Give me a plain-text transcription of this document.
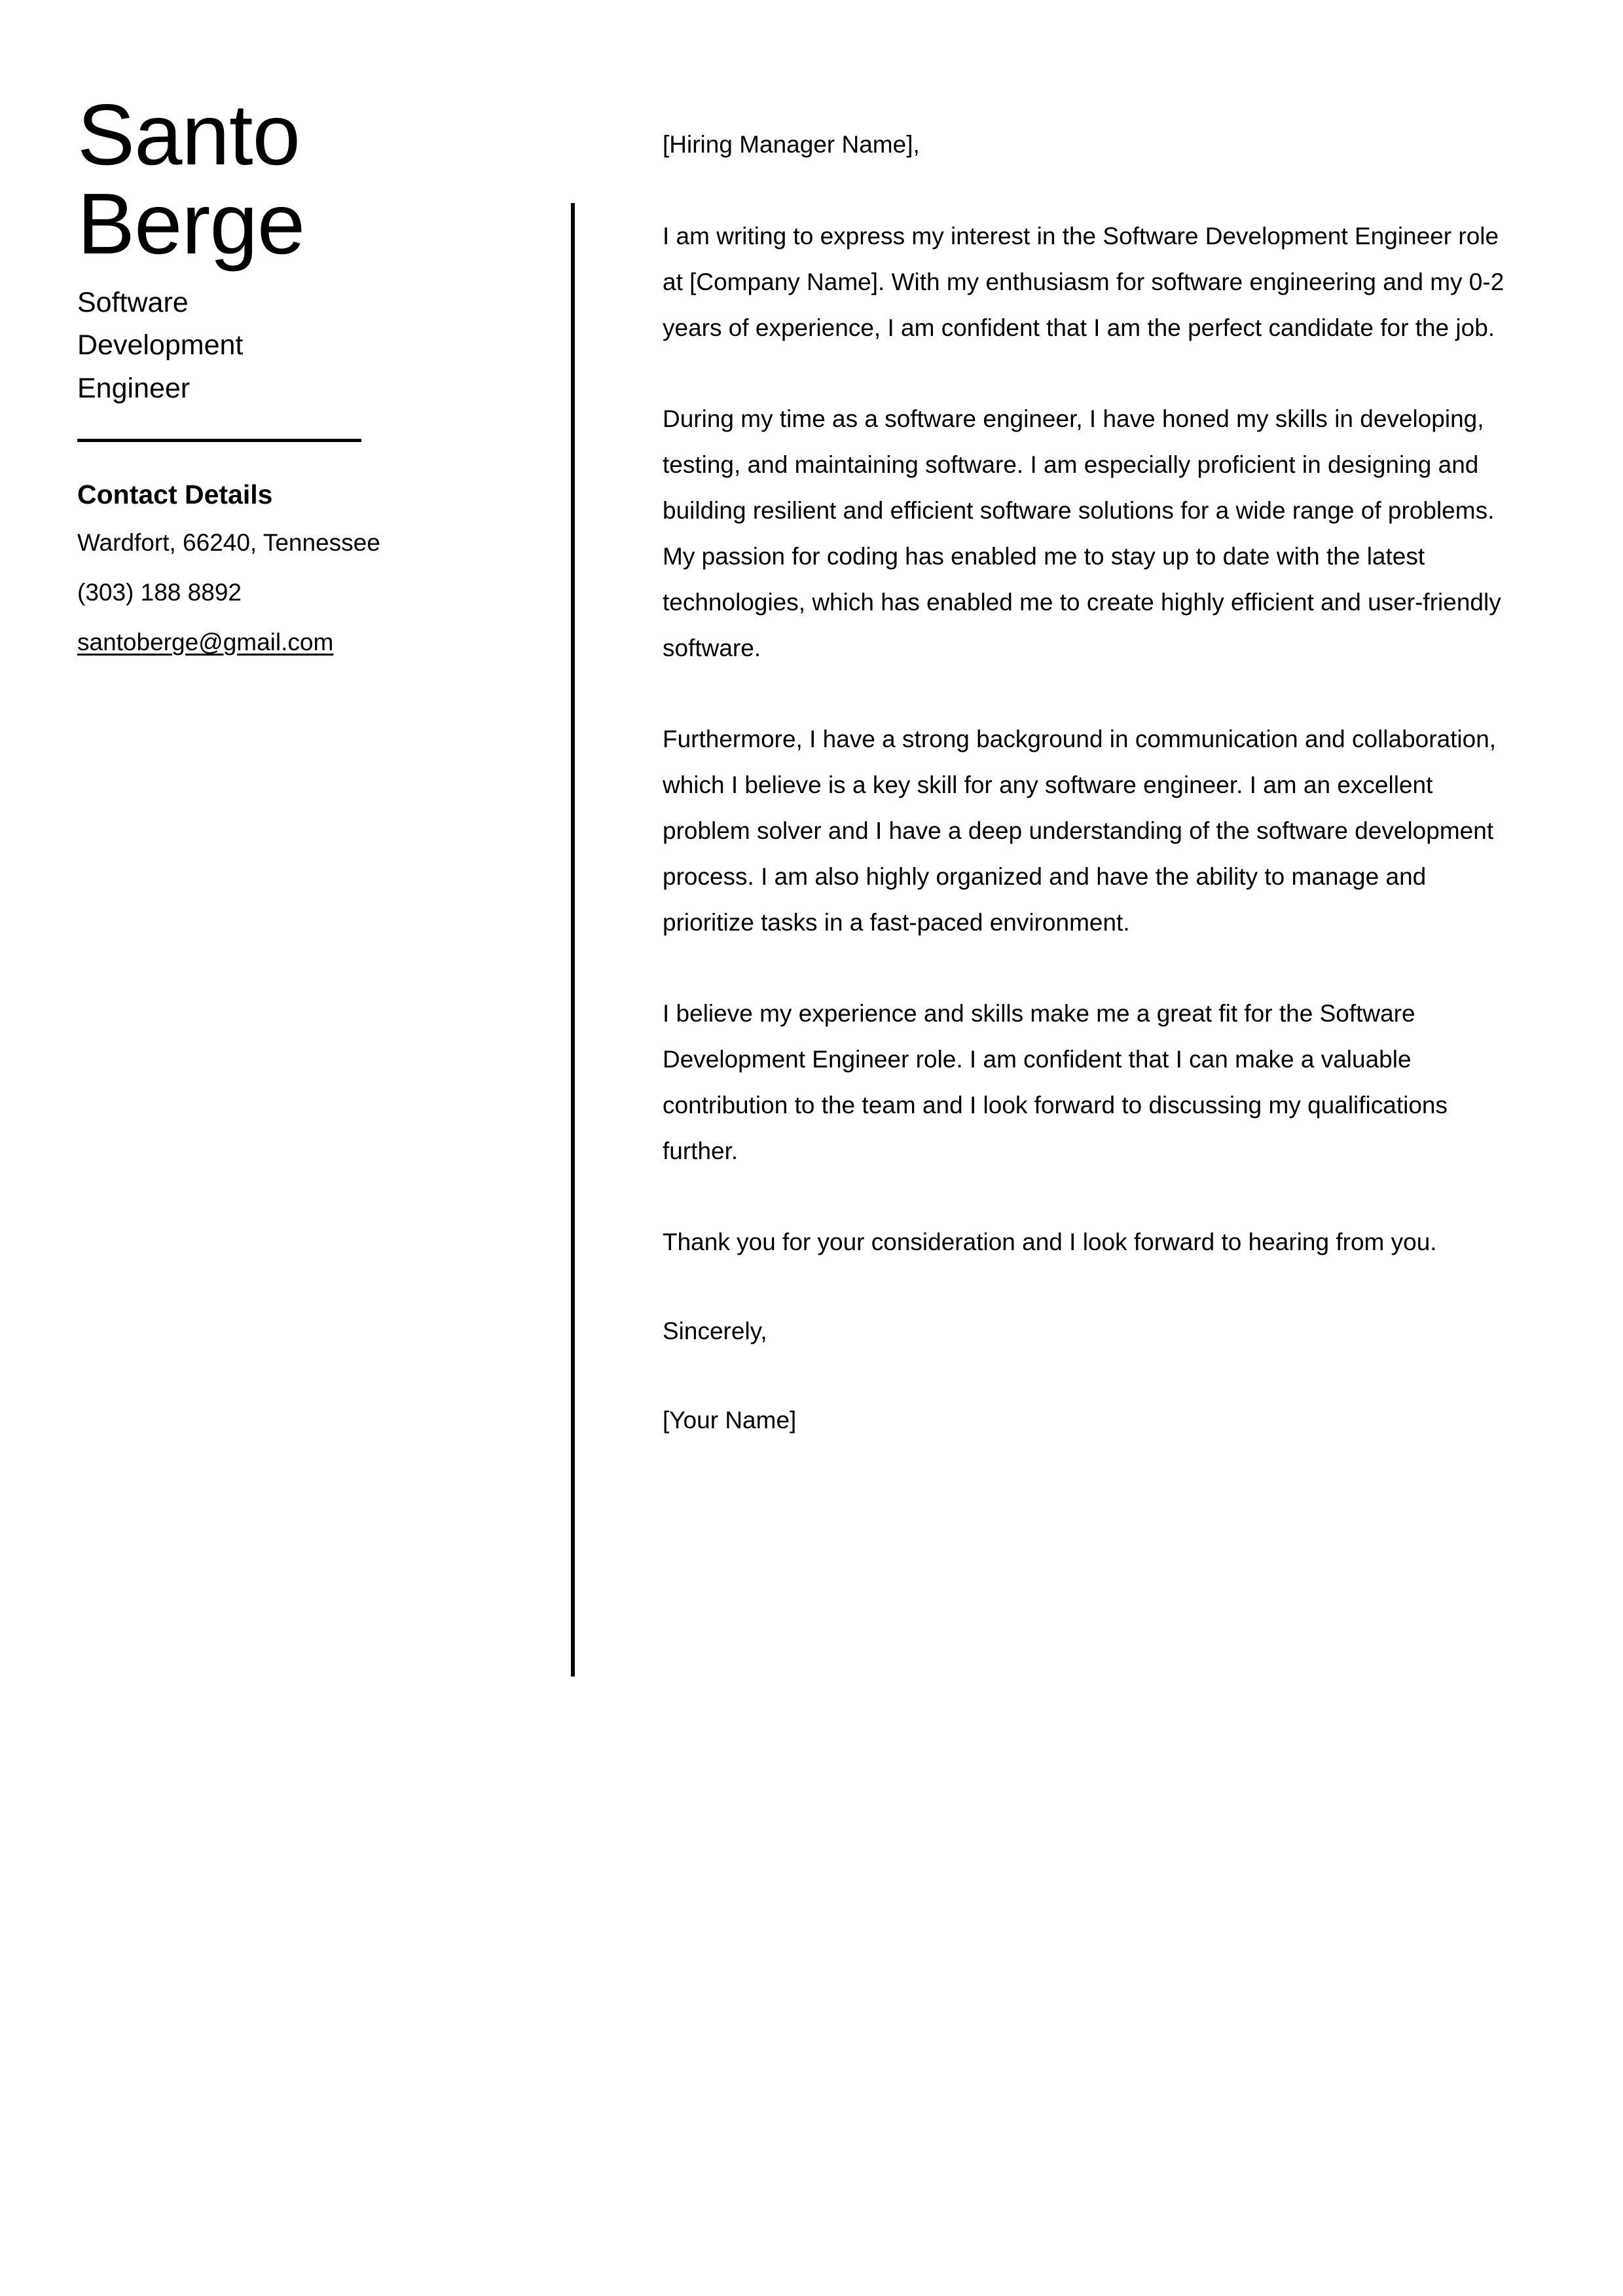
Santo
Berge
Software Development Engineer
Contact Details
Wardfort, 66240, Tennessee
(303) 188 8892
santoberge@gmail.com

[Hiring Manager Name],

I am writing to express my interest in the Software Development Engineer role at [Company Name]. With my enthusiasm for software engineering and my 0-2 years of experience, I am confident that I am the perfect candidate for the job.

During my time as a software engineer, I have honed my skills in developing, testing, and maintaining software. I am especially proficient in designing and building resilient and efficient software solutions for a wide range of problems. My passion for coding has enabled me to stay up to date with the latest technologies, which has enabled me to create highly efficient and user-friendly software.

Furthermore, I have a strong background in communication and collaboration, which I believe is a key skill for any software engineer. I am an excellent problem solver and I have a deep understanding of the software development process. I am also highly organized and have the ability to manage and prioritize tasks in a fast-paced environment.

I believe my experience and skills make me a great fit for the Software Development Engineer role. I am confident that I can make a valuable contribution to the team and I look forward to discussing my qualifications further.

Thank you for your consideration and I look forward to hearing from you.

Sincerely,

[Your Name]
